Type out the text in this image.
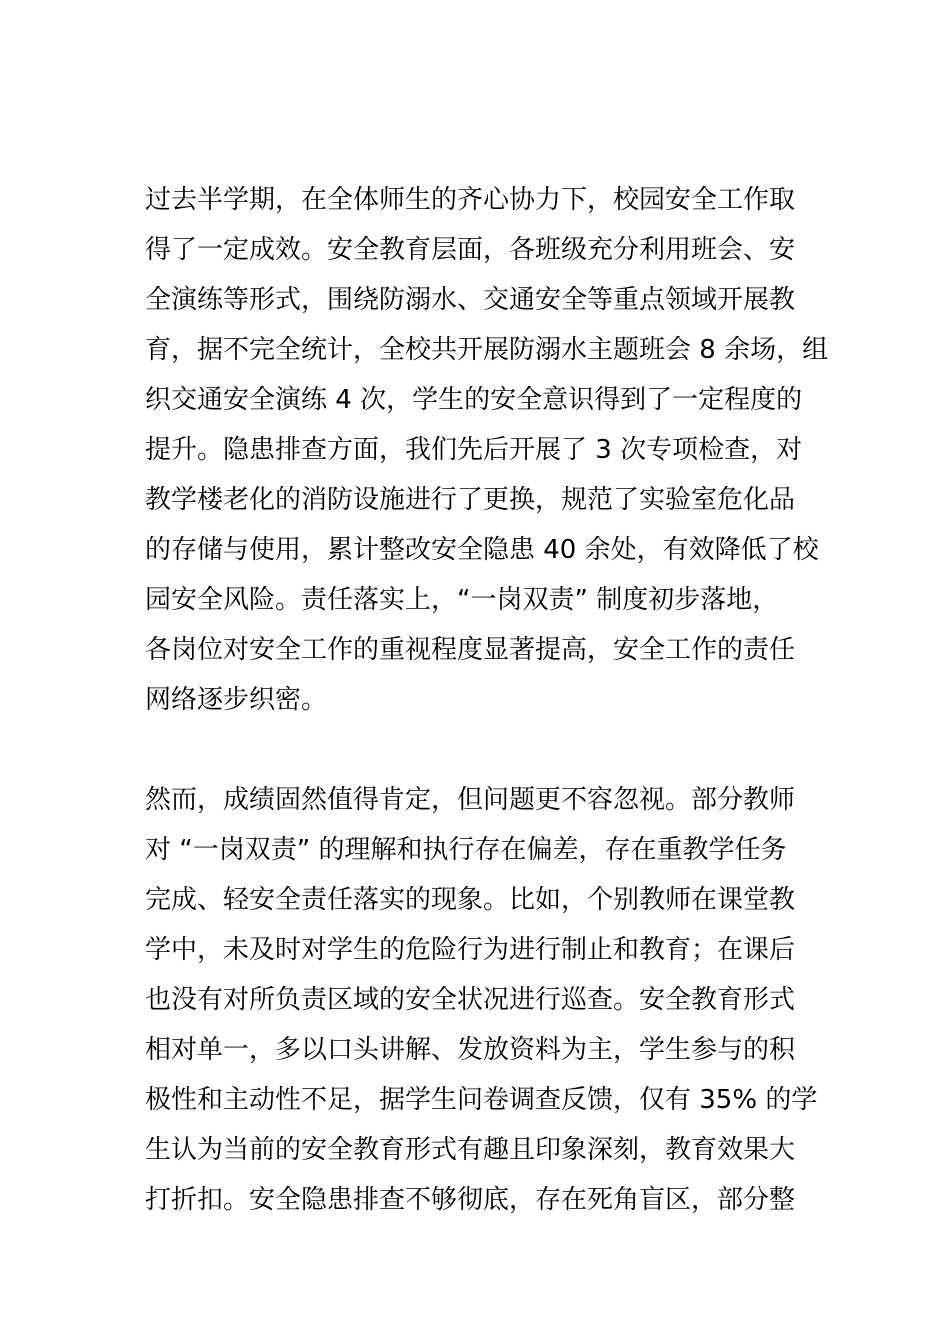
过去半学期，在全体师生的齐心协力下，校园安全工作取
得了一定成效。安全教育层面，各班级充分利用班会、安
全演练等形式，围绕防溺水、交通安全等重点领域开展教
育，据不完全统计，全校共开展防溺水主题班会 8 余场，组
织交通安全演练 4 次，学生的安全意识得到了一定程度的
提升。隐患排查方面，我们先后开展了 3 次专项检查，对
教学楼老化的消防设施进行了更换，规范了实验室危化品
的存储与使用，累计整改安全隐患 40 余处，有效降低了校
园安全风险。责任落实上，“一岗双责” 制度初步落地，
各岗位对安全工作的重视程度显著提高，安全工作的责任
网络逐步织密。

然而，成绩固然值得肯定，但问题更不容忽视。部分教师
对 “一岗双责” 的理解和执行存在偏差，存在重教学任务
完成、轻安全责任落实的现象。比如，个别教师在课堂教
学中，未及时对学生的危险行为进行制止和教育；在课后
也没有对所负责区域的安全状况进行巡查。安全教育形式
相对单一，多以口头讲解、发放资料为主，学生参与的积
极性和主动性不足，据学生问卷调查反馈，仅有 35% 的学
生认为当前的安全教育形式有趣且印象深刻，教育效果大
打折扣。安全隐患排查不够彻底，存在死角盲区，部分整
